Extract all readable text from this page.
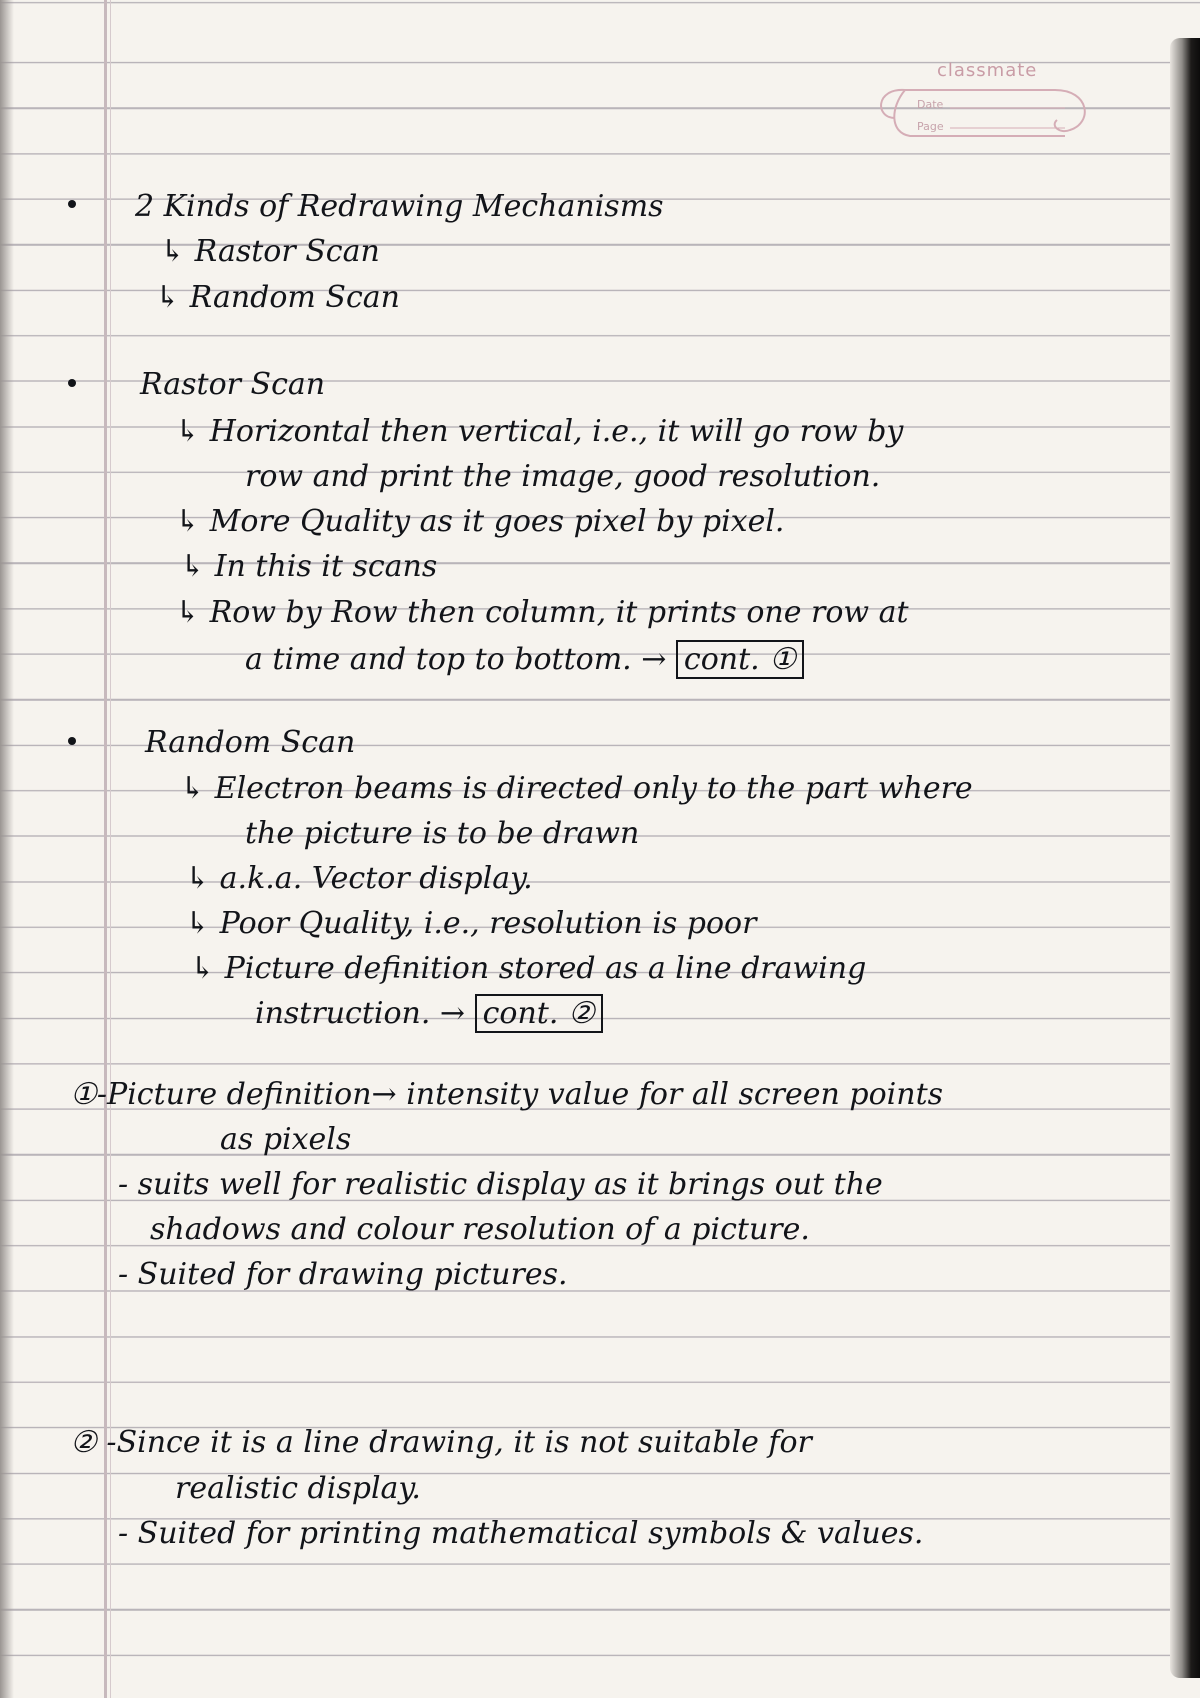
classmate
Date
Page
2 Kinds of Redrawing Mechanisms
↳ Rastor Scan
↳ Random Scan
Rastor Scan
↳ Horizontal then vertical, i.e., it will go row by
row and print the image, good resolution.
↳ More Quality as it goes pixel by pixel.
↳ In this it scans
↳ Row by Row then column, it prints one row at
a time and top to bottom. → cont. ①
Random Scan
↳ Electron beams is directed only to the part where
the picture is to be drawn
↳ a.k.a. Vector display.
↳ Poor Quality, i.e., resolution is poor
↳ Picture definition stored as a line drawing
instruction. → cont. ②
①-Picture definition→ intensity value for all screen points
as pixels
- suits well for realistic display as it brings out the
shadows and colour resolution of a picture.
- Suited for drawing pictures.
② -Since it is a line drawing, it is not suitable for
realistic display.
- Suited for printing mathematical symbols & values.
